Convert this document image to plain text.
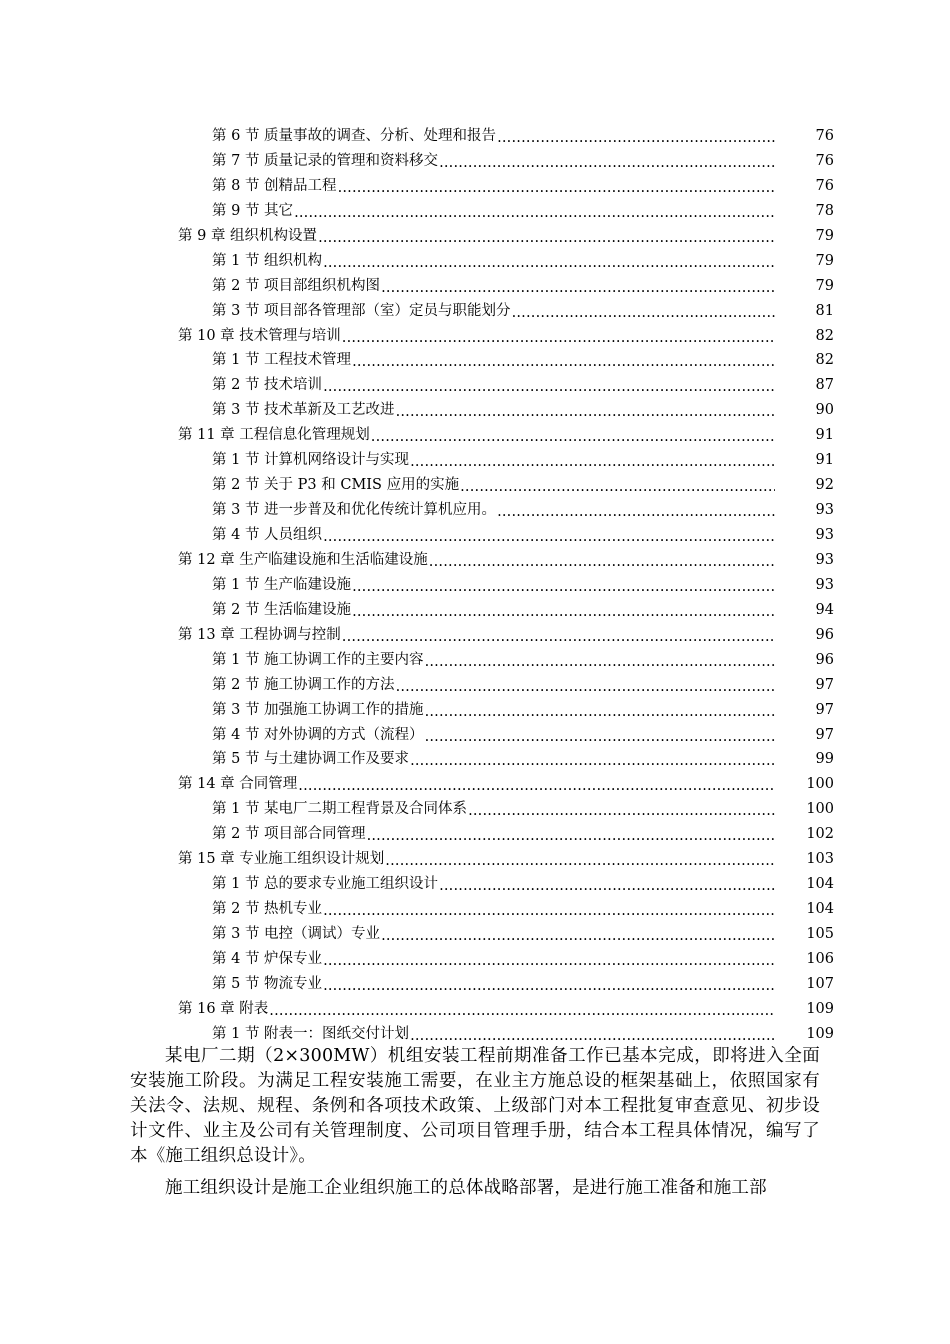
第 6 节 质量事故的调查、分析、处理和报告 .....	76
第 7 节 质量记录的管理和资料移交 .....	76
第 8 节 创精品工程 .....	76
第 9 节 其它 .....	78
第 9 章 组织机构设置 .....	79
第 1 节 组织机构 .....	79
第 2 节 项目部组织机构图 .....	79
第 3 节 项目部各管理部（室）定员与职能划分 .....	81
第 10 章 技术管理与培训 .....	82
第 1 节 工程技术管理 .....	82
第 2 节 技术培训 .....	87
第 3 节 技术革新及工艺改进 .....	90
第 11 章 工程信息化管理规划 .....	91
第 1 节 计算机网络设计与实现 .....	91
第 2 节 关于 P3 和 CMIS 应用的实施 .....	92
第 3 节 进一步普及和优化传统计算机应用。 .....	93
第 4 节 人员组织 .....	93
第 12 章 生产临建设施和生活临建设施 .....	93
第 1 节 生产临建设施 .....	93
第 2 节 生活临建设施 .....	94
第 13 章 工程协调与控制 .....	96
第 1 节 施工协调工作的主要内容 .....	96
第 2 节 施工协调工作的方法 .....	97
第 3 节 加强施工协调工作的措施 .....	97
第 4 节 对外协调的方式（流程） .....	97
第 5 节 与土建协调工作及要求 .....	99
第 14 章 合同管理 .....	100
第 1 节 某电厂二期工程背景及合同体系 .....	100
第 2 节 项目部合同管理 .....	102
第 15 章 专业施工组织设计规划 .....	103
第 1 节 总的要求专业施工组织设计 .....	104
第 2 节 热机专业 .....	104
第 3 节 电控（调试）专业 .....	105
第 4 节 炉保专业 .....	106
第 5 节 物流专业 .....	107
第 16 章 附表 .....	109
第 1 节 附表一：图纸交付计划 .....	109

某电厂二期（2×300MW）机组安装工程前期准备工作已基本完成，即将进入全面安装施工阶段。为满足工程安装施工需要，在业主方施总设的框架基础上，依照国家有关法令、法规、规程、条例和各项技术政策、上级部门对本工程批复审查意见、初步设计文件、业主及公司有关管理制度、公司项目管理手册，结合本工程具体情况，编写了本《施工组织总设计》。

施工组织设计是施工企业组织施工的总体战略部署，是进行施工准备和施工部
